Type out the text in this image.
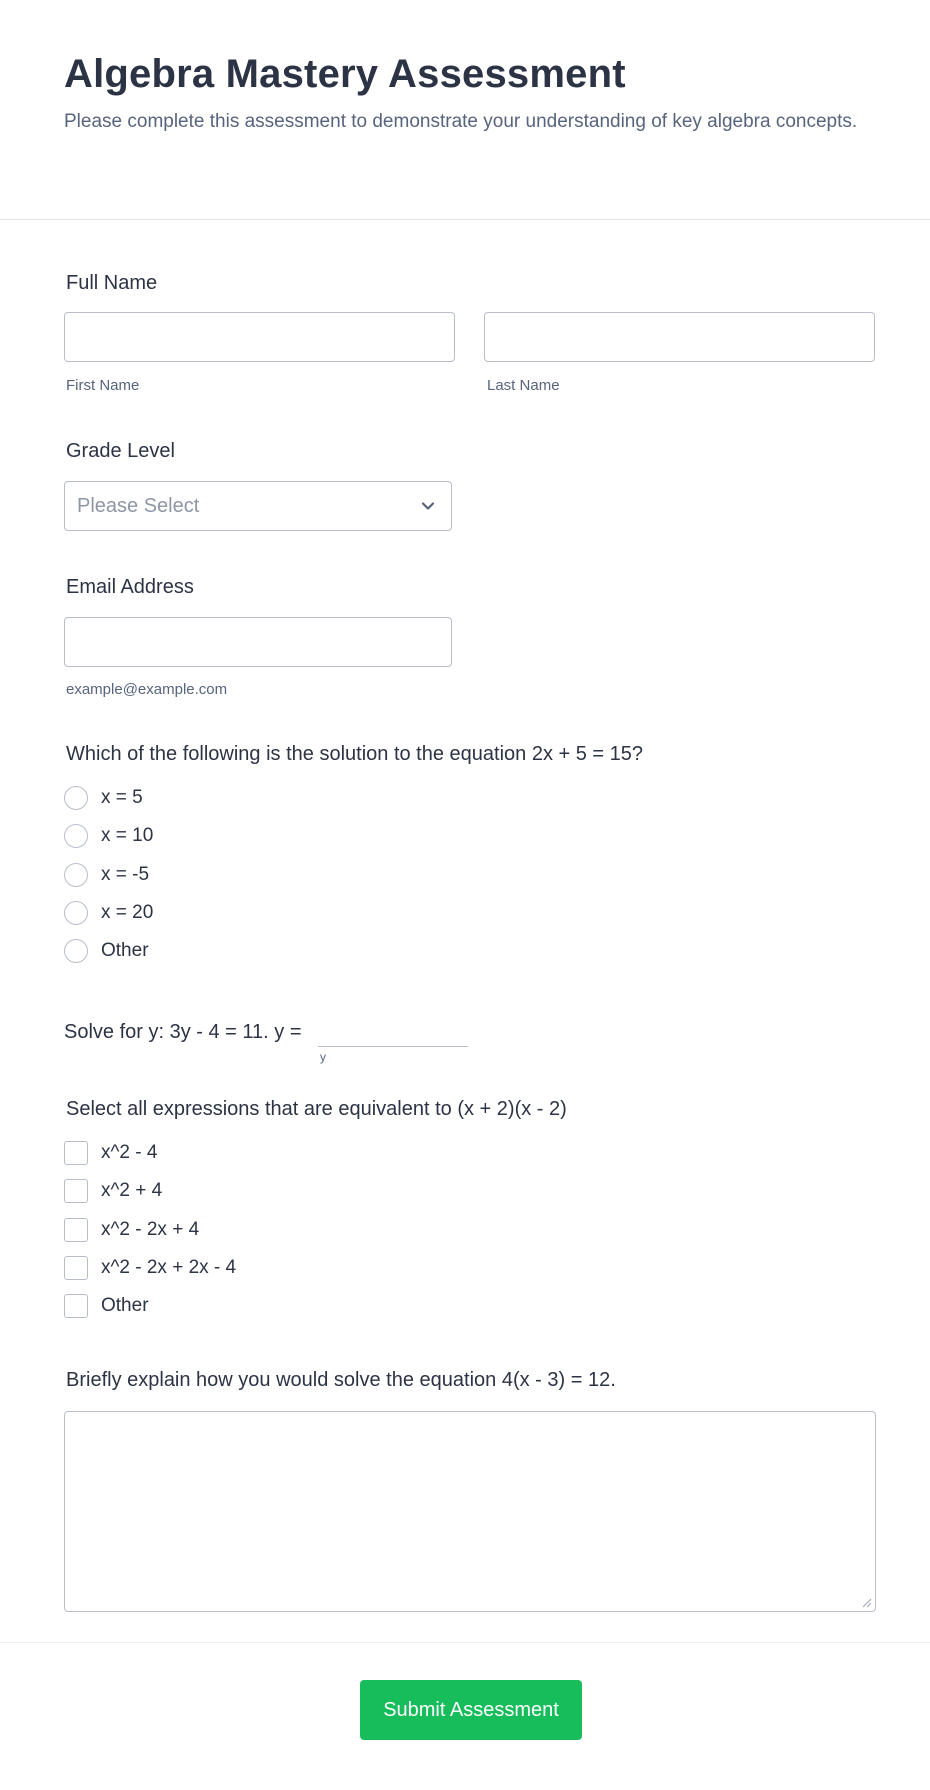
Algebra Mastery Assessment

Please complete this assessment to demonstrate your understanding of key algebra concepts.

Full Name
First Name	Last Name
Grade Level
Please Select
Email Address
example@example.com
Which of the following is the solution to the equation 2x + 5 = 15?
x = 5
x = 10
x = -5
x = 20
Other
Solve for y: 3y - 4 = 11. y =
y
Select all expressions that are equivalent to (x + 2)(x - 2)
x^2 - 4
x^2 + 4
x^2 - 2x + 4
x^2 - 2x + 2x - 4
Other
Briefly explain how you would solve the equation 4(x - 3) = 12.
Submit Assessment
